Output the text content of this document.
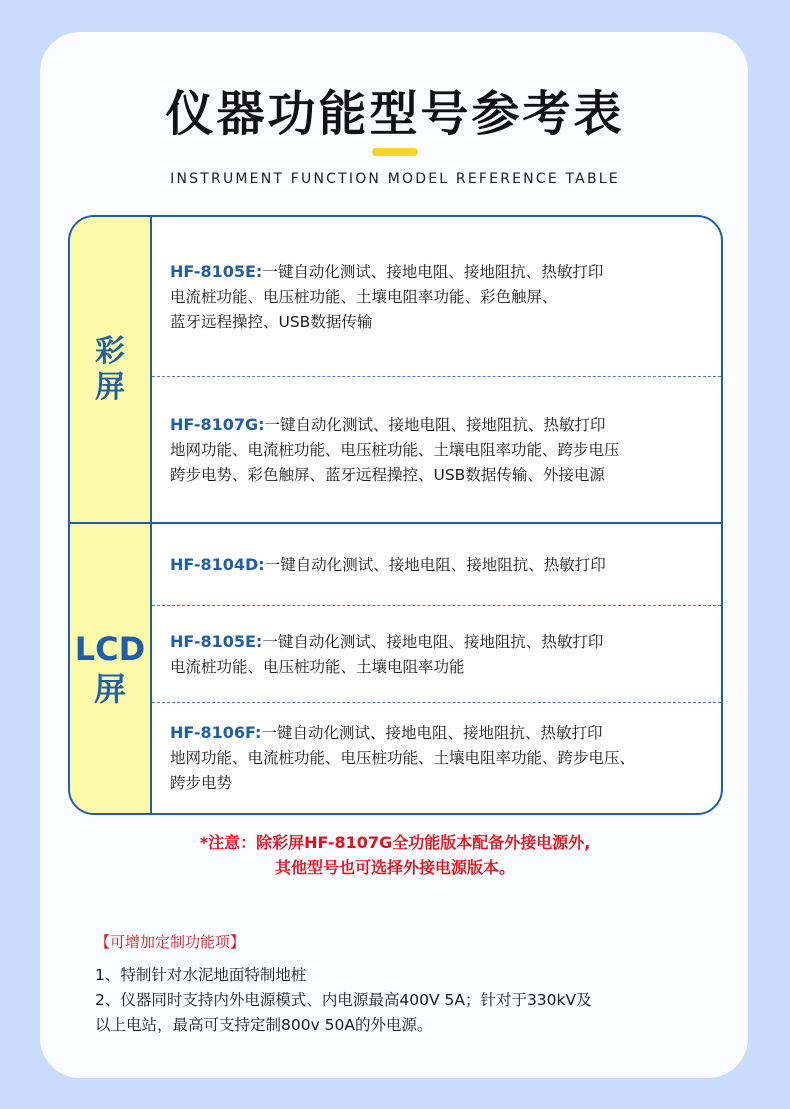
仪器功能型号参考表
INSTRUMENT FUNCTION MODEL REFERENCE TABLE
彩
屏
HF-8105E:一键自动化测试、接地电阻、接地阻抗、热敏打印
电流桩功能、电压桩功能、土壤电阻率功能、彩色触屏、
蓝牙远程操控、USB数据传输
HF-8107G:一键自动化测试、接地电阻、接地阻抗、热敏打印
地网功能、电流桩功能、电压桩功能、土壤电阻率功能、跨步电压
跨步电势、彩色触屏、蓝牙远程操控、USB数据传输、外接电源
LCD
屏
HF-8104D:一键自动化测试、接地电阻、接地阻抗、热敏打印
HF-8105E:一键自动化测试、接地电阻、接地阻抗、热敏打印
电流桩功能、电压桩功能、土壤电阻率功能
HF-8106F:一键自动化测试、接地电阻、接地阻抗、热敏打印
地网功能、电流桩功能、电压桩功能、土壤电阻率功能、跨步电压、
跨步电势
*注意：除彩屏HF-8107G全功能版本配备外接电源外,
其他型号也可选择外接电源版本。
【可增加定制功能项】
1、特制针对水泥地面特制地桩
2、仪器同时支持内外电源模式、内电源最高400V 5A；针对于330kV及
以上电站，最高可支持定制800v 50A的外电源。
